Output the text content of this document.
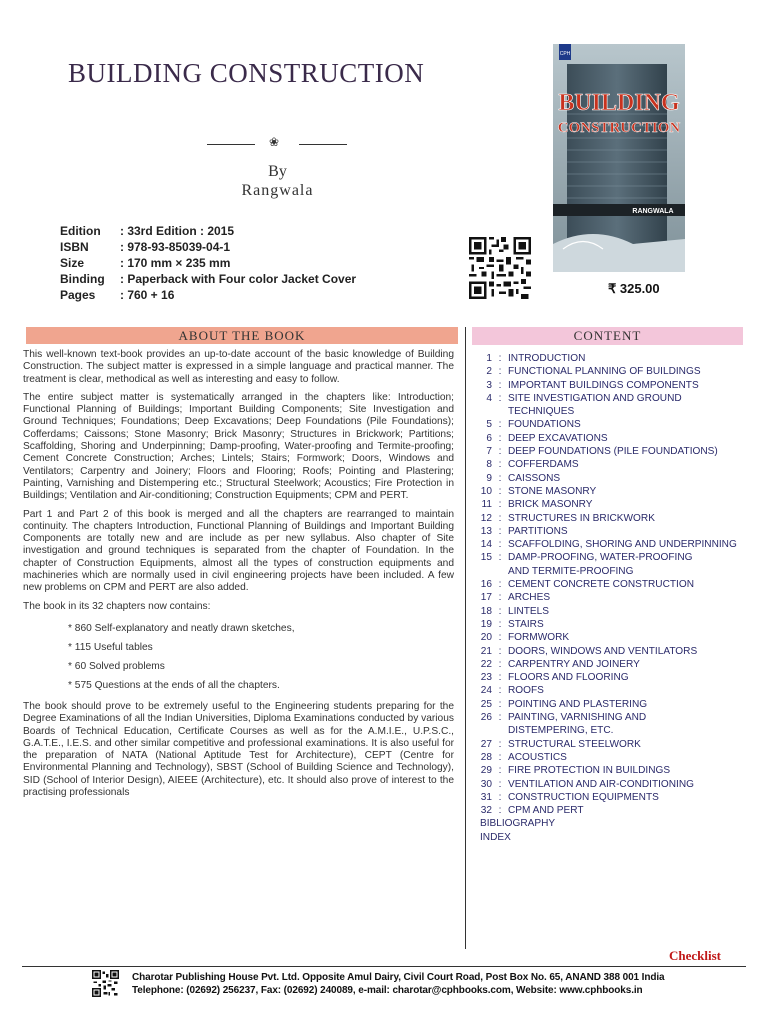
BUILDING CONSTRUCTION
❀
By
Rangwala
Edition	: 33rd Edition : 2015
ISBN	: 978-93-85039-04-1
Size	: 170 mm × 235 mm
Binding	: Paperback with Four color Jacket Cover
Pages	: 760 + 16
CPH
BUILDING
CONSTRUCTION
RANGWALA
₹ 325.00
ABOUT THE BOOK	CONTENT

This well-known text-book provides an up-to-date account of the basic knowledge of Building Construction. The subject matter is expressed in a simple language and practical manner. The treatment is clear, methodical as well as interesting and easy to follow.

The entire subject matter is systematically arranged in the chapters like: Introduction; Functional Planning of Buildings; Important Building Components; Site Investigation and Ground Techniques; Foundations; Deep Excavations; Deep Foundations (Pile Foundations); Cofferdams; Caissons; Stone Masonry; Brick Masonry; Structures in Brickwork; Partitions; Scaffolding, Shoring and Underpinning; Damp-proofing, Water-proofing and Termite-proofing; Cement Concrete Construction; Arches; Lintels; Stairs; Formwork; Doors, Windows and Ventilators; Carpentry and Joinery; Floors and Flooring; Roofs; Pointing and Plastering; Painting, Varnishing and Distempering etc.; Structural Steelwork; Acoustics; Fire Protection in Buildings; Ventilation and Air-conditioning; Construction Equipments; CPM and PERT.

Part 1 and Part 2 of this book is merged and all the chapters are rearranged to maintain continuity. The chapters Introduction, Functional Planning of Buildings and Important Building Components are totally new and are include as per new syllabus. Also chapter of Site investigation and ground techniques is separated from the chapter of Foundation. In the chapter of Construction Equipments, almost all the types of construction equipments and machineries which are normally used in civil engineering projects have been included. A few new problems on CPM and PERT are also added.

The book in its 32 chapters now contains:

* 860 Self-explanatory and neatly drawn sketches,
* 115 Useful tables
* 60 Solved problems
* 575 Questions at the ends of all the chapters.

The book should prove to be extremely useful to the Engineering students preparing for the Degree Examinations of all the Indian Universities, Diploma Examinations conducted by various Boards of Technical Education, Certificate Courses as well as for the A.M.I.E., U.P.S.C., G.A.T.E., I.E.S. and other similar competitive and professional examinations. It is also useful for the preparation of NATA (National Aptitude Test for Architecture), CEPT (Centre for Environmental Planning and Technology), SBST (School of Building Science and Technology), SID (School of Interior Design), AIEEE (Architecture), etc. It should also prove of interest to the practising professionals

1 : INTRODUCTION
2 : FUNCTIONAL PLANNING OF BUILDINGS
3 : IMPORTANT BUILDINGS COMPONENTS
4 : SITE INVESTIGATION AND GROUND TECHNIQUES
5 : FOUNDATIONS
6 : DEEP EXCAVATIONS
7 : DEEP FOUNDATIONS (PILE FOUNDATIONS)
8 : COFFERDAMS
9 : CAISSONS
10 : STONE MASONRY
11 : BRICK MASONRY
12 : STRUCTURES IN BRICKWORK
13 : PARTITIONS
14 : SCAFFOLDING, SHORING AND UNDERPINNING
15 : DAMP-PROOFING, WATER-PROOFING AND TERMITE-PROOFING
16 : CEMENT CONCRETE CONSTRUCTION
17 : ARCHES
18 : LINTELS
19 : STAIRS
20 : FORMWORK
21 : DOORS, WINDOWS AND VENTILATORS
22 : CARPENTRY AND JOINERY
23 : FLOORS AND FLOORING
24 : ROOFS
25 : POINTING AND PLASTERING
26 : PAINTING, VARNISHING AND DISTEMPERING, ETC.
27 : STRUCTURAL STEELWORK
28 : ACOUSTICS
29 : FIRE PROTECTION IN BUILDINGS
30 : VENTILATION AND AIR-CONDITIONING
31 : CONSTRUCTION EQUIPMENTS
32 : CPM AND PERT
BIBLIOGRAPHY
INDEX
Checklist
Charotar Publishing House Pvt. Ltd. Opposite Amul Dairy, Civil Court Road, Post Box No. 65, ANAND 388 001 India
Telephone: (02692) 256237, Fax: (02692) 240089, e-mail: charotar@cphbooks.com, Website: www.cphbooks.in
